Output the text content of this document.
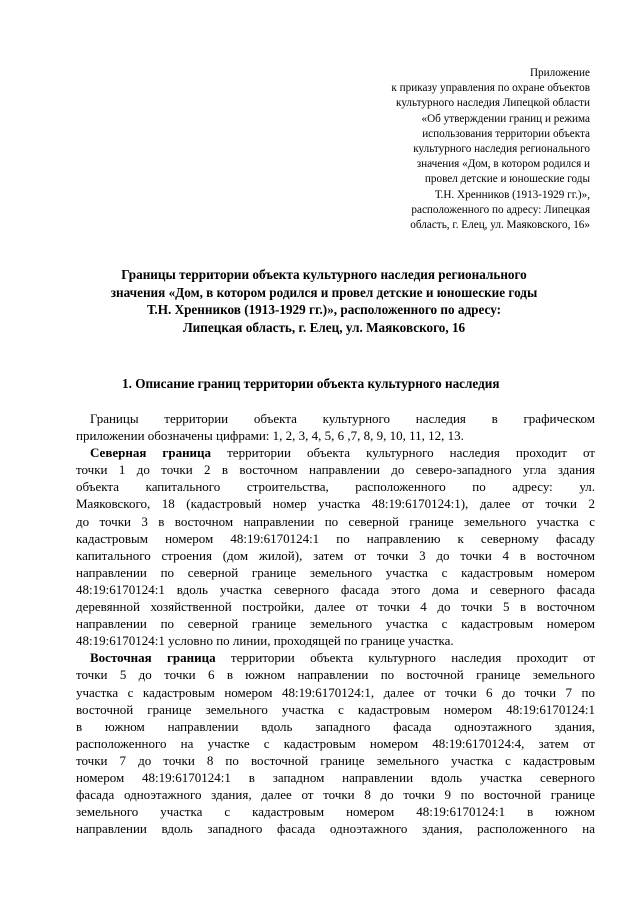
Приложение
к приказу управления по охране объектов
культурного наследия Липецкой области
«Об утверждении границ и режима
использования территории объекта
культурного наследия регионального
значения «Дом, в котором родился и
провел детские и юношеские годы
Т.Н. Хренников (1913-1929 гг.)»,
расположенного по адресу: Липецкая
область, г. Елец, ул. Маяковского, 16»
Границы территории объекта культурного наследия регионального
значения «Дом, в котором родился и провел детские и юношеские годы
Т.Н. Хренников (1913-1929 гг.)», расположенного по адресу:
Липецкая область, г. Елец, ул. Маяковского, 16
1. Описание границ территории объекта культурного наследия
Границы территории объекта культурного наследия в графическом
приложении обозначены цифрами: 1, 2, 3, 4, 5, 6 ,7, 8, 9, 10, 11, 12, 13.
Северная граница территории объекта культурного наследия проходит от
точки 1 до точки 2 в восточном направлении до северо-западного угла здания
объекта капитального строительства, расположенного по адресу: ул.
Маяковского, 18 (кадастровый номер участка 48:19:6170124:1), далее от точки 2
до точки 3 в восточном направлении по северной границе земельного участка с
кадастровым номером 48:19:6170124:1 по направлению к северному фасаду
капитального строения (дом жилой), затем от точки 3 до точки 4 в восточном
направлении по северной границе земельного участка с кадастровым номером
48:19:6170124:1 вдоль участка северного фасада этого дома и северного фасада
деревянной хозяйственной постройки, далее от точки 4 до точки 5 в восточном
направлении по северной границе земельного участка с кадастровым номером
48:19:6170124:1 условно по линии, проходящей по границе участка.
Восточная граница территории объекта культурного наследия проходит от
точки 5 до точки 6 в южном направлении по восточной границе земельного
участка с кадастровым номером 48:19:6170124:1, далее от точки 6 до точки 7 по
восточной границе земельного участка с кадастровым номером 48:19:6170124:1
в южном направлении вдоль западного фасада одноэтажного здания,
расположенного на участке с кадастровым номером 48:19:6170124:4, затем от
точки 7 до точки 8 по восточной границе земельного участка с кадастровым
номером 48:19:6170124:1 в западном направлении вдоль участка северного
фасада одноэтажного здания, далее от точки 8 до точки 9 по восточной границе
земельного участка с кадастровым номером 48:19:6170124:1 в южном
направлении вдоль западного фасада одноэтажного здания, расположенного на
